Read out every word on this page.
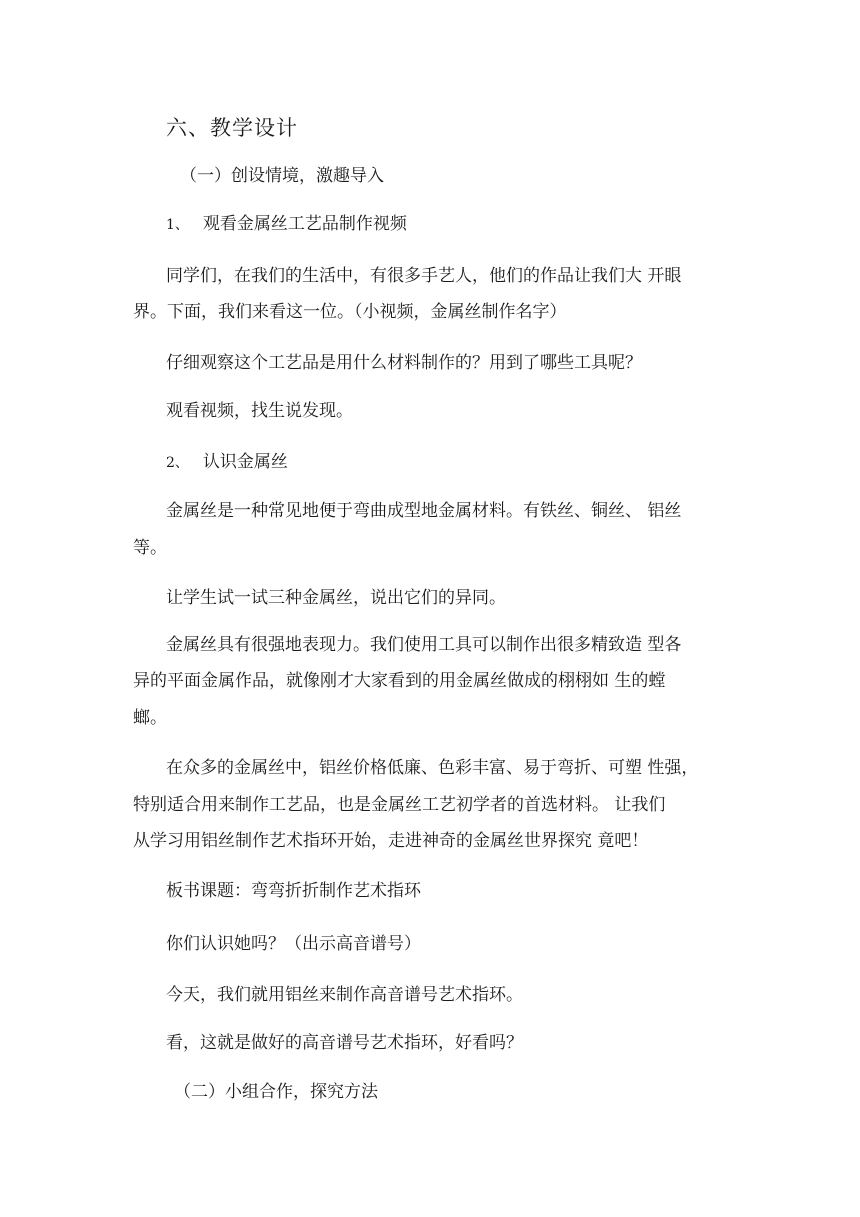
六、教学设计

（一）创设情境，激趣导入

1、 观看金属丝工艺品制作视频

同学们，在我们的生活中，有很多手艺人，他们的作品让我们大 开眼

界。下面，我们来看这一位。（小视频，金属丝制作名字）

仔细观察这个工艺品是用什么材料制作的？用到了哪些工具呢？

观看视频，找生说发现。

2、 认识金属丝

金属丝是一种常见地便于弯曲成型地金属材料。有铁丝、铜丝、 铝丝

等。

让学生试一试三种金属丝，说出它们的异同。

金属丝具有很强地表现力。我们使用工具可以制作出很多精致造 型各

异的平面金属作品，就像刚才大家看到的用金属丝做成的栩栩如 生的螳

螂。

在众多的金属丝中，铝丝价格低廉、色彩丰富、易于弯折、可塑 性强，

特别适合用来制作工艺品，也是金属丝工艺初学者的首选材料。 让我们

从学习用铝丝制作艺术指环开始，走进神奇的金属丝世界探究 竟吧！

板书课题：弯弯折折制作艺术指环

你们认识她吗？（出示高音谱号）

今天，我们就用铝丝来制作高音谱号艺术指环。

看，这就是做好的高音谱号艺术指环，好看吗？

（二）小组合作，探究方法
